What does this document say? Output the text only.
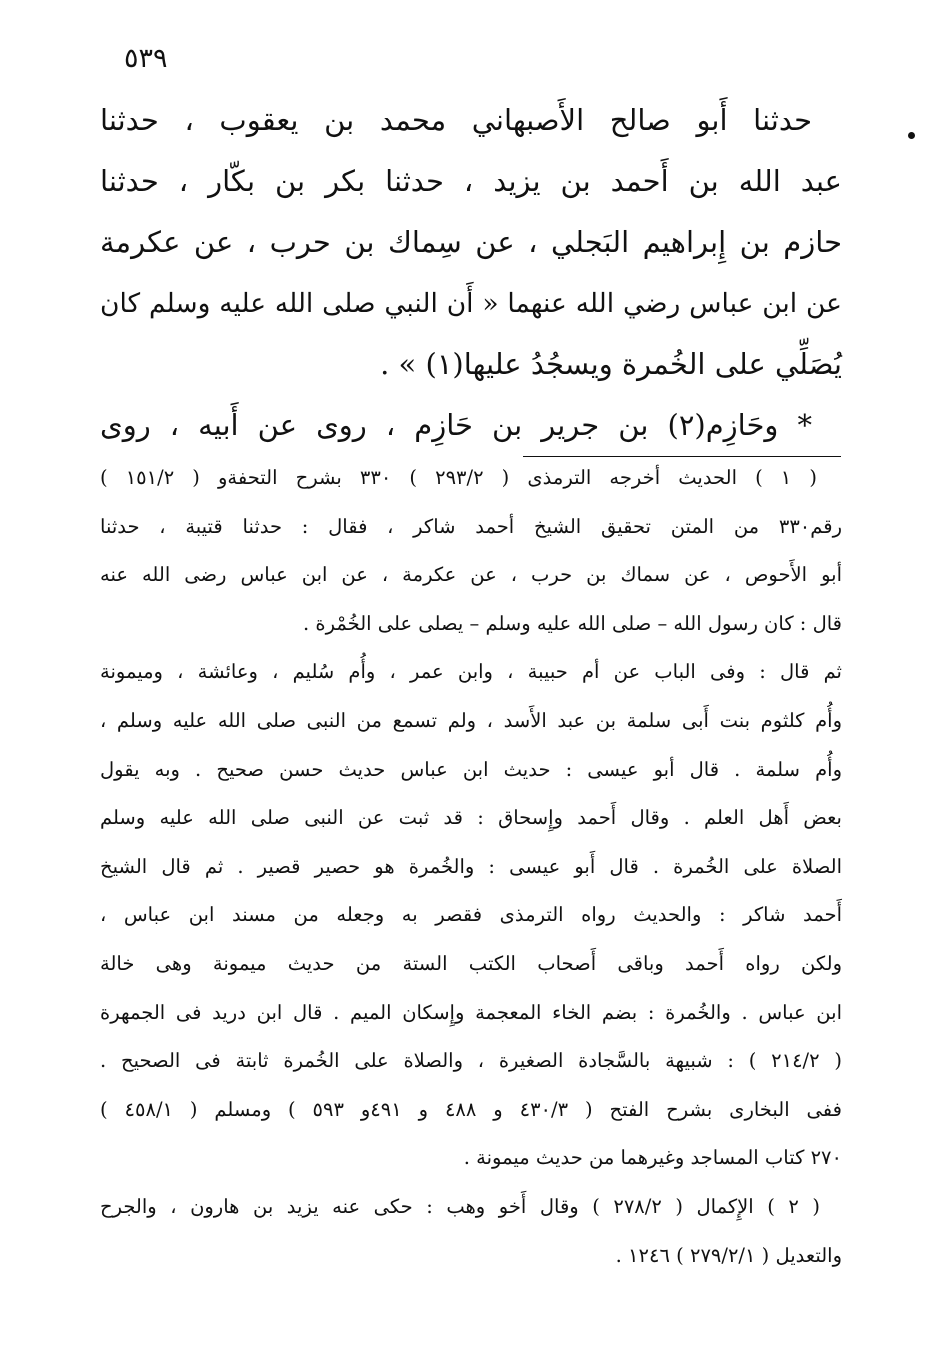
٥٣٩
حدثنا أَبو صالح الأَصبهاني محمد بن يعقوب ، حدثنا
عبد الله بن أَحمد بن يزيد ، حدثنا بكر بن بكّار ، حدثنا
حازم بن إِبراهيم البَجلي ، عن سِماك بن حرب ، عن عكرمة
عن ابن عباس رضي الله عنهما « أَن النبي صلى الله عليه وسلم كان
يُصَلِّي على الخُمرة ويسجُدُ عليها(١) » .
* وحَازِم(٢) بن جرير بن حَازِم ، روى عن أَبيه ، روى
( ١ ) الحديث أخرجه الترمذى ( ٢٩٣/٢ ) ٣٣٠ بشرح التحفةو ( ١٥١/٢ )
رقم٣٣٠ من المتن تحقيق الشيخ أحمد شاكر ، فقال : حدثنا قتيبة ، حدثنا
أبو الأَحوص ، عن سماك بن حرب ، عن عكرمة ، عن ابن عباس رضى الله عنه
قال : كان رسول الله – صلى الله عليه وسلم – يصلى على الخُمْرة .
ثم قال : وفى الباب عن أم حبيبة ، وابن عمر ، وأُم سُليم ، وعائشة ، وميمونة
وأُم كلثوم بنت أَبى سلمة بن عبد الأَسد ، ولم تسمع من النبى صلى الله عليه وسلم ،
وأُم سلمة . قال أبو عيسى : حديث ابن عباس حديث حسن صحيح . وبه يقول
بعض أَهل العلم . وقال أَحمد وإِسحاق : قد ثبت عن النبى صلى الله عليه وسلم
الصلاة على الخُمرة . قال أَبو عيسى : والخُمرة هو حصير قصير . ثم قال الشيخ
أَحمد شاكر : والحديث رواه الترمذى فقصر به وجعله من مسند ابن عباس ،
ولكن رواه أَحمد وباقى أَصحاب الكتب الستة من حديث ميمونة وهى خالة
ابن عباس . والخُمرة : بضم الخاء المعجمة وإِسكان الميم . قال ابن دريد فى الجمهرة
( ٢١٤/٢ ) : شبيهة بالسَّجادة الصغيرة ، والصلاة على الخُمرة ثابتة فى الصحيح .
ففى البخارى بشرح الفتح ( ٤٣٠/٣ و ٤٨٨ و ٤٩١و ٥٩٣ ) ومسلم ( ٤٥٨/١ )
٢٧٠ كتاب المساجد وغيرهما من حديث ميمونة .
( ٢ ) الإِكمال ( ٢٧٨/٢ ) وقال أَخو وهب : حكى عنه يزيد بن هارون ، والجرح
والتعديل ( ٢٧٩/٢/١ ) ١٢٤٦ .
